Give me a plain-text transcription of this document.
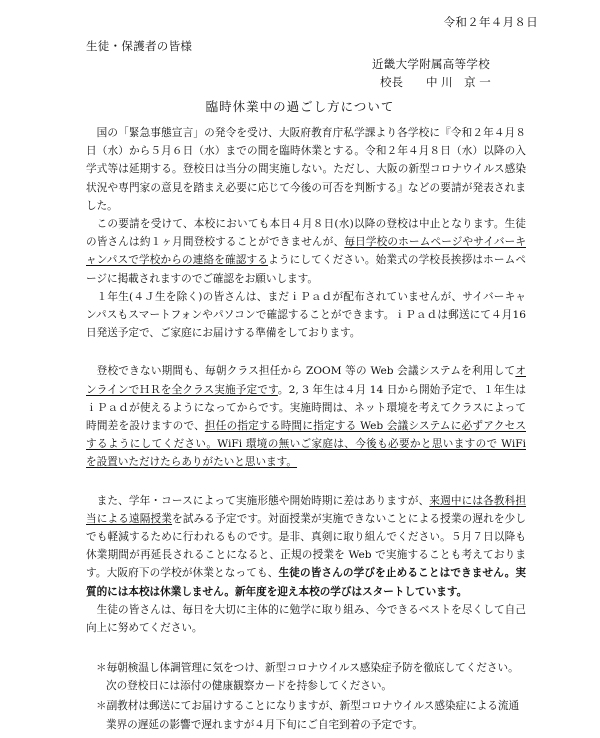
令和２年４月８日
生徒・保護者の皆様
近畿大学附属高等学校
校長　　中 川　京 一
臨時休業中の過ごし方について

国の「緊急事態宣言」の発令を受け、大阪府教育庁私学課より各学校に『令和２年４月８日（水）から５月６日（水）までの間を臨時休業とする。令和２年４月８日（水）以降の入学式等は延期する。登校日は当分の間実施しない。ただし、大阪の新型コロナウイルス感染状況や専門家の意見を踏まえ必要に応じて今後の可否を判断する』などの要請が発表されました。

この要請を受けて、本校においても本日４月８日(水)以降の登校は中止となります。生徒の皆さんは約１ヶ月間登校することができませんが、毎日学校のホームページやサイバーキャンパスで学校からの連絡を確認するようにしてください。始業式の学校長挨拶はホームページに掲載されますのでご確認をお願いします。

１年生(４Ｊ生を除く)の皆さんは、まだｉＰａｄが配布されていませんが、サイバーキャンパスもスマートフォンやパソコンで確認することができます。ｉＰａｄは郵送にて４月16日発送予定で、ご家庭にお届けする準備をしております。

登校できない期間も、毎朝クラス担任から ZOOM 等の Web 会議システムを利用してオンラインでＨＲを全クラス実施予定です。2, 3 年生は４月 14 日から開始予定で、１年生はｉＰａｄが使えるようになってからです。実施時間は、ネット環境を考えてクラスによって時間差を設けますので、担任の指定する時間に指定する Web 会議システムに必ずアクセスするようにしてください。WiFi 環境の無いご家庭は、今後も必要かと思いますので WiFi を設置いただけたらありがたいと思います。

また、学年・コースによって実施形態や開始時期に差はありますが、来週中には各教科担当による遠隔授業を試みる予定です。対面授業が実施できないことによる授業の遅れを少しでも軽減するために行われるものです。是非、真剣に取り組んでください。５月７日以降も休業期間が再延長されることになると、正規の授業を Web で実施することも考えております。大阪府下の学校が休業となっても、生徒の皆さんの学びを止めることはできません。実質的には本校は休業しません。新年度を迎え本校の学びはスタートしています。

生徒の皆さんは、毎日を大切に主体的に勉学に取り組み、今できるベストを尽くして自己向上に努めてください。

＊毎朝検温し体調管理に気をつけ、新型コロナウイルス感染症予防を徹底してください。次の登校日には添付の健康観察カードを持参してください。

＊副教材は郵送にてお届けすることになりますが、新型コロナウイルス感染症による流通業界の遅延の影響で遅れますが４月下旬にご自宅到着の予定です。
